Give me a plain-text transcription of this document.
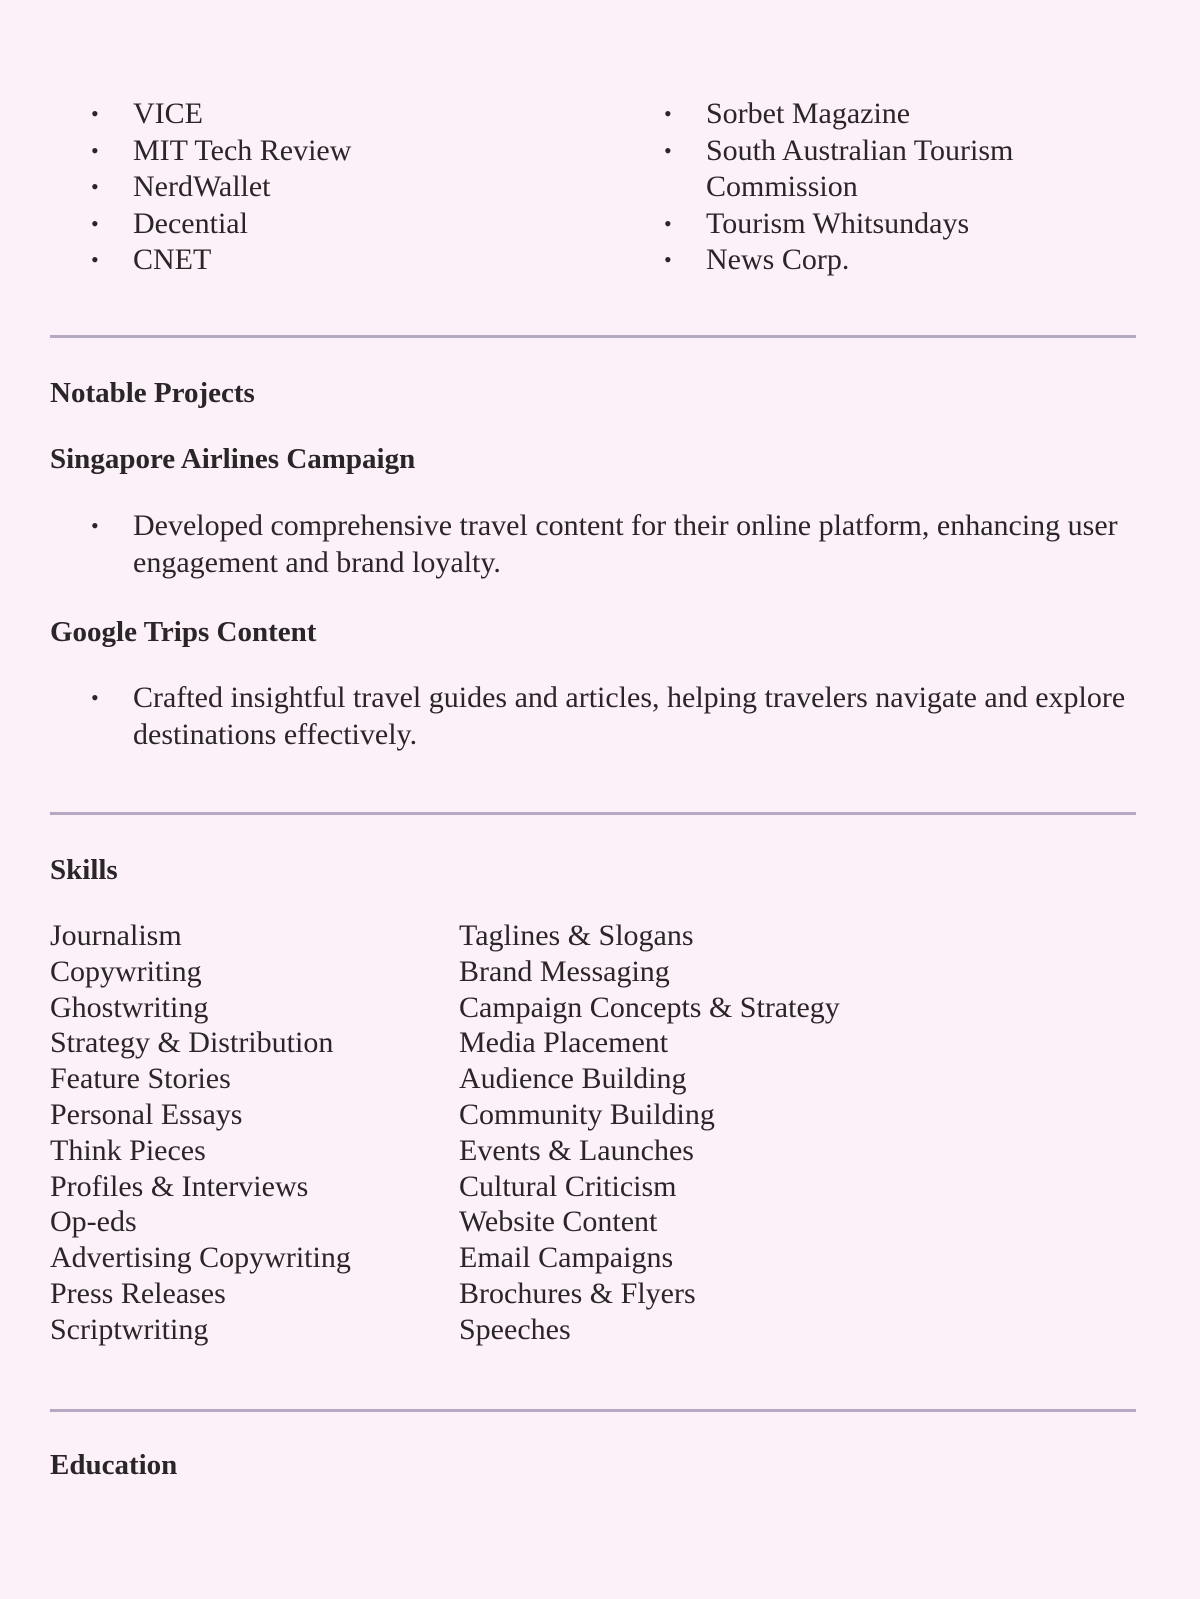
• VICE
• MIT Tech Review
• NerdWallet
• Decential
• CNET
• Sorbet Magazine
• South Australian Tourism Commission
• Tourism Whitsundays
• News Corp.
Notable Projects
Singapore Airlines Campaign
• Developed comprehensive travel content for their online platform, enhancing user engagement and brand loyalty.
Google Trips Content
• Crafted insightful travel guides and articles, helping travelers navigate and explore destinations effectively.
Skills
Journalism
Copywriting
Ghostwriting
Strategy & Distribution
Feature Stories
Personal Essays
Think Pieces
Profiles & Interviews
Op-eds
Advertising Copywriting
Press Releases
Scriptwriting
Taglines & Slogans
Brand Messaging
Campaign Concepts & Strategy
Media Placement
Audience Building
Community Building
Events & Launches
Cultural Criticism
Website Content
Email Campaigns
Brochures & Flyers
Speeches
Education
